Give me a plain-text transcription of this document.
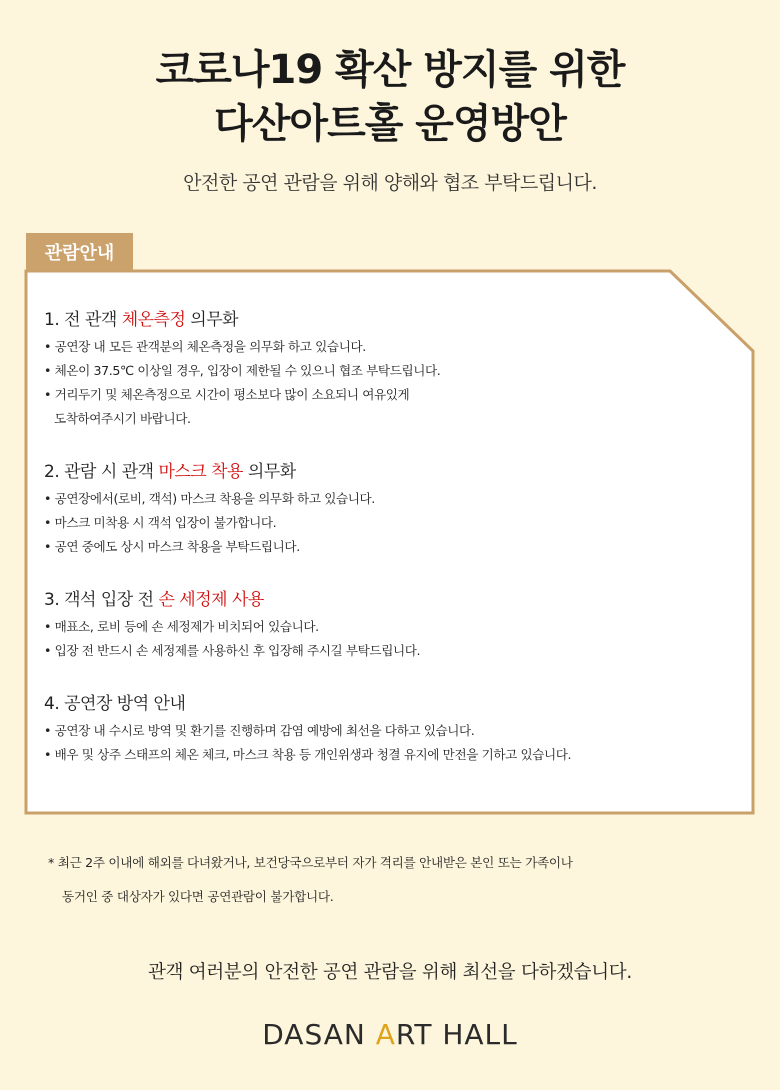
코로나19 확산 방지를 위한
다산아트홀 운영방안
안전한 공연 관람을 위해 양해와 협조 부탁드립니다.
관람안내
1. 전 관객 체온측정 의무화
• 공연장 내 모든 관객분의 체온측정을 의무화 하고 있습니다.
• 체온이 37.5℃ 이상일 경우, 입장이 제한될 수 있으니 협조 부탁드립니다.
• 거리두기 및 체온측정으로 시간이 평소보다 많이 소요되니 여유있게
도착하여주시기 바랍니다.
2. 관람 시 관객 마스크 착용 의무화
• 공연장에서(로비, 객석) 마스크 착용을 의무화 하고 있습니다.
• 마스크 미착용 시 객석 입장이 불가합니다.
• 공연 중에도 상시 마스크 착용을 부탁드립니다.
3. 객석 입장 전 손 세정제 사용
• 매표소, 로비 등에 손 세정제가 비치되어 있습니다.
• 입장 전 반드시 손 세정제를 사용하신 후 입장해 주시길 부탁드립니다.
4. 공연장 방역 안내
• 공연장 내 수시로 방역 및 환기를 진행하며 감염 예방에 최선을 다하고 있습니다.
• 배우 및 상주 스태프의 체온 체크, 마스크 착용 등 개인위생과 청결 유지에 만전을 기하고 있습니다.
* 최근 2주 이내에 해외를 다녀왔거나, 보건당국으로부터 자가 격리를 안내받은 본인 또는 가족이나
동거인 중 대상자가 있다면 공연관람이 불가합니다.
관객 여러분의 안전한 공연 관람을 위해 최선을 다하겠습니다.
DASAN ART HALL
